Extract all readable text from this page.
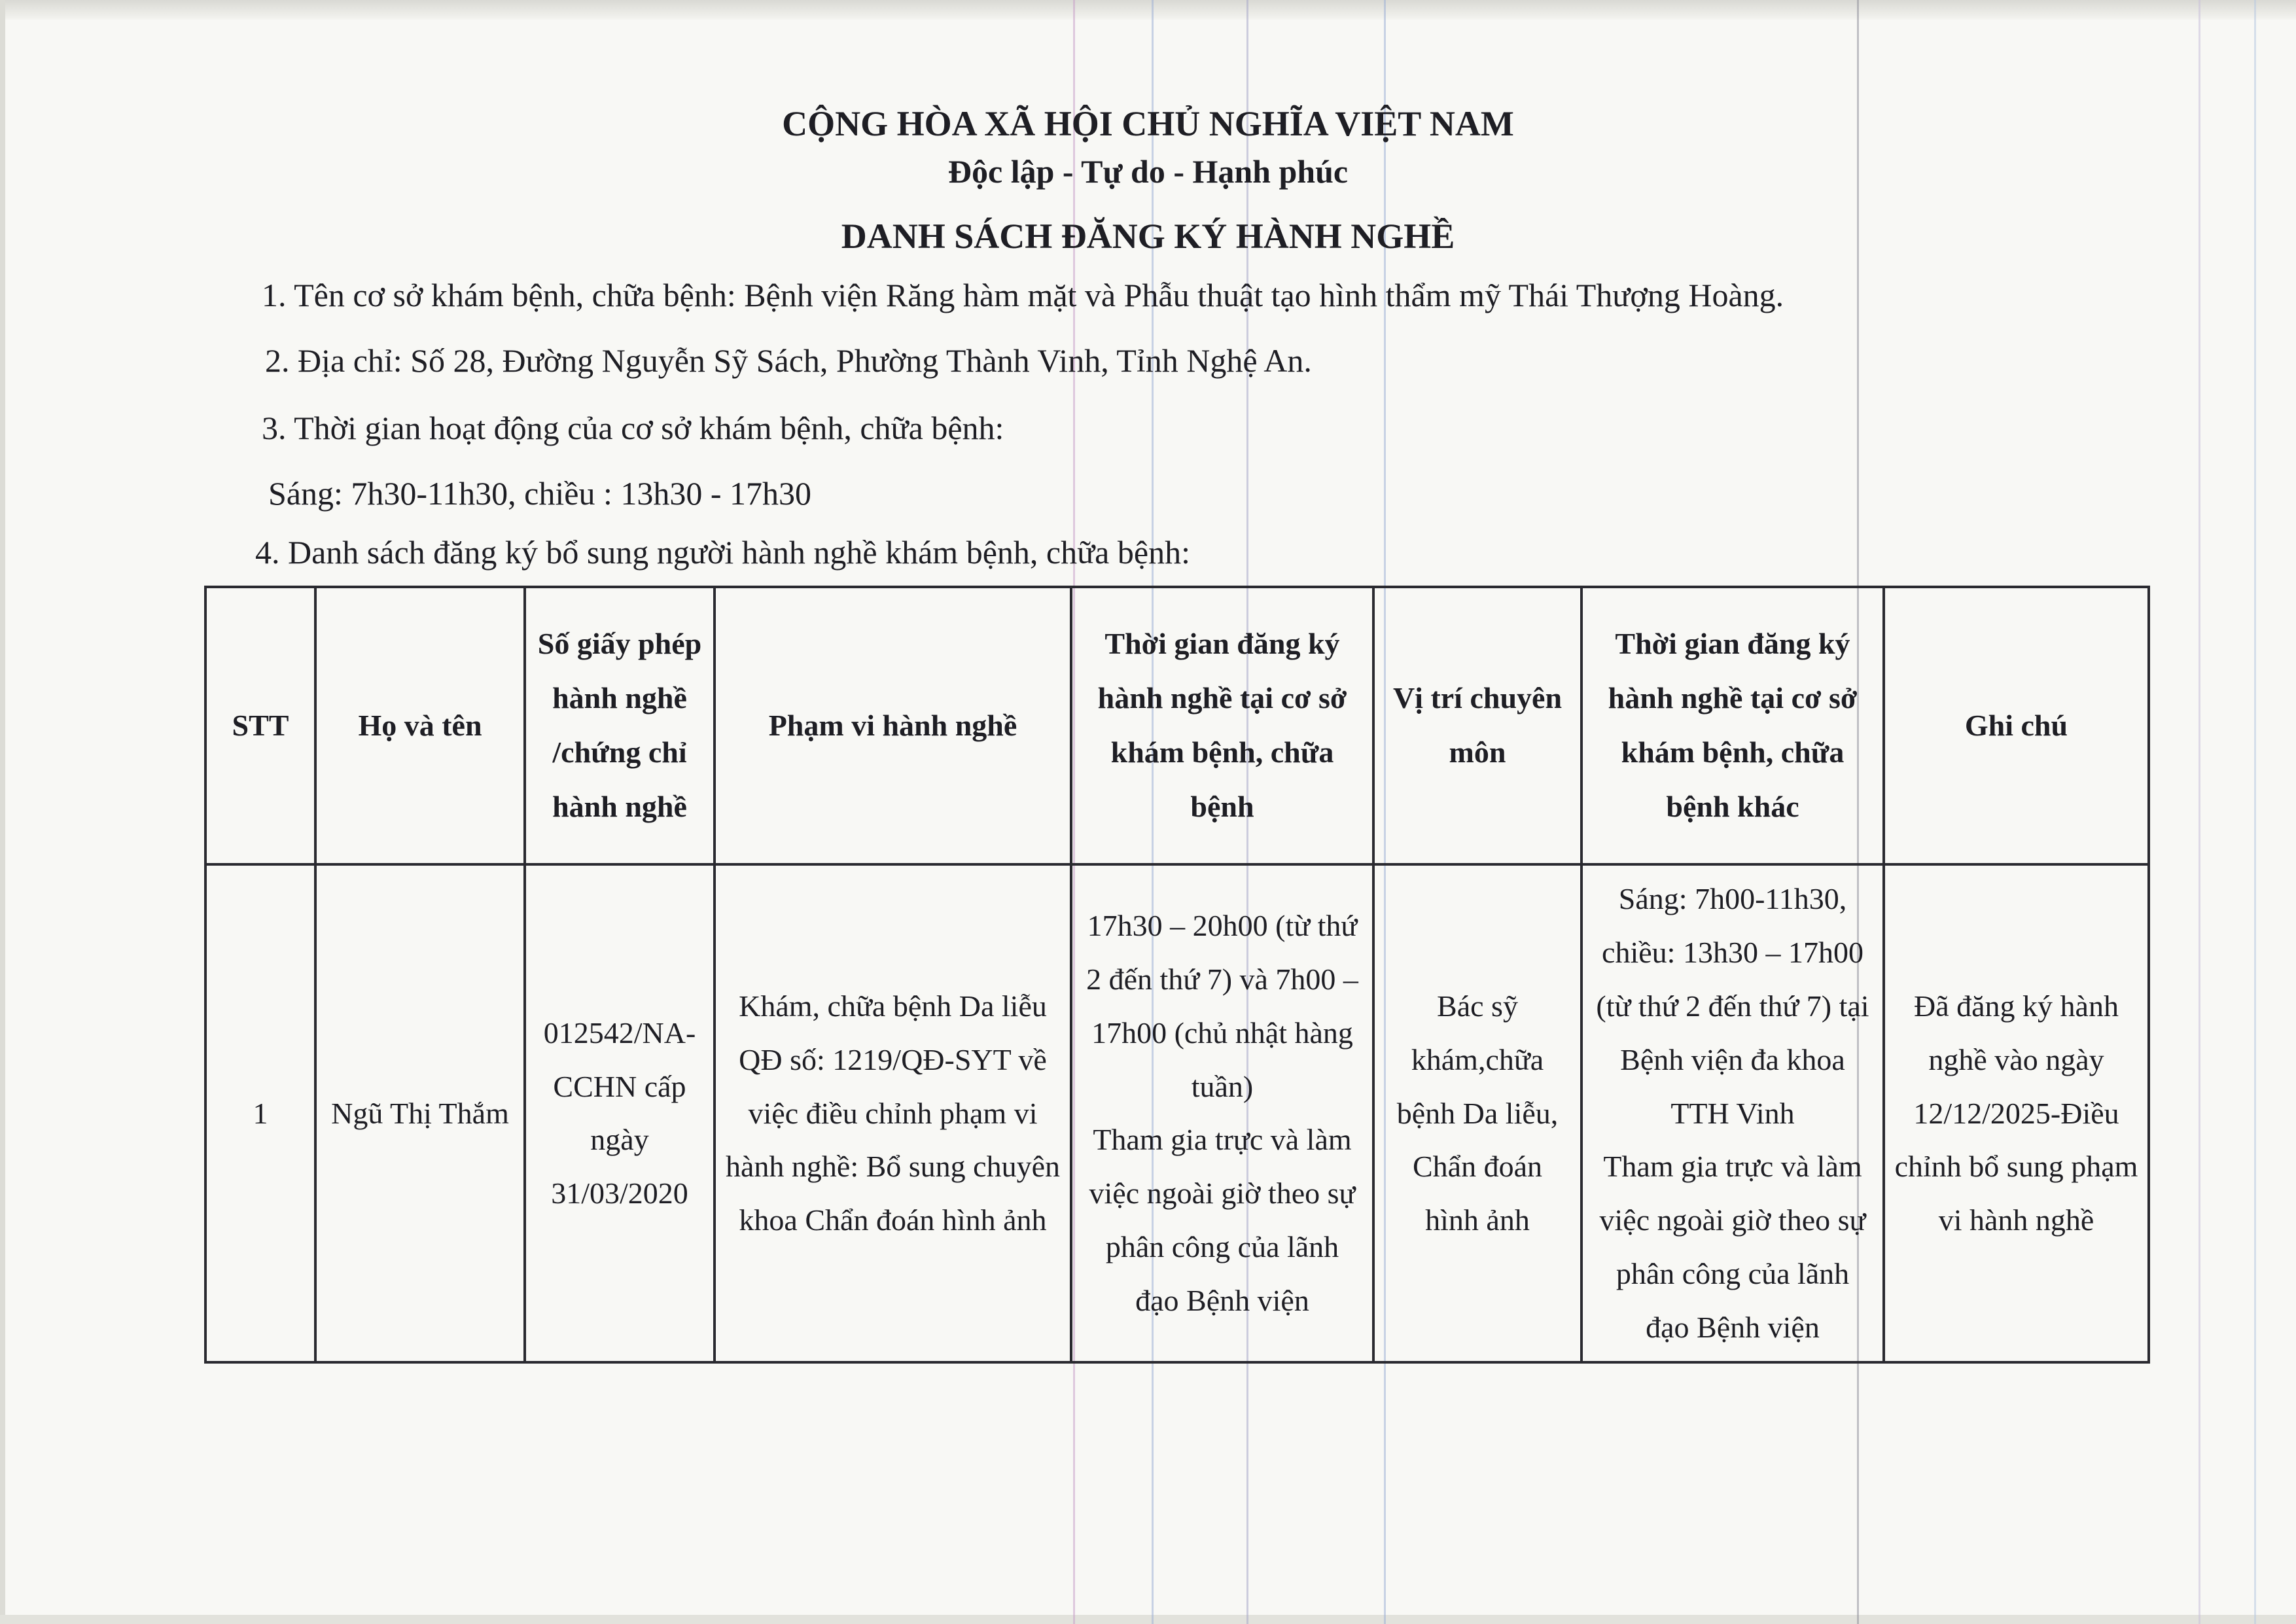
CỘNG HÒA XÃ HỘI CHỦ NGHĨA VIỆT NAM
Độc lập - Tự do - Hạnh phúc
DANH SÁCH ĐĂNG KÝ HÀNH NGHỀ
1. Tên cơ sở khám bệnh, chữa bệnh: Bệnh viện Răng hàm mặt và Phẫu thuật tạo hình thẩm mỹ Thái Thượng Hoàng.
2. Địa chỉ: Số 28, Đường Nguyễn Sỹ Sách, Phường Thành Vinh, Tỉnh Nghệ An.
3. Thời gian hoạt động của cơ sở khám bệnh, chữa bệnh:
Sáng: 7h30-11h30, chiều : 13h30 - 17h30
4. Danh sách đăng ký bổ sung người hành nghề khám bệnh, chữa bệnh:
STT	Họ và tên	Số giấy phép hành nghề /chứng chỉ hành nghề	Phạm vi hành nghề	Thời gian đăng ký hành nghề tại cơ sở khám bệnh, chữa bệnh	Vị trí chuyên môn	Thời gian đăng ký hành nghề tại cơ sở khám bệnh, chữa bệnh khác	Ghi chú
1	Ngũ Thị Thắm	012542/NA-CCHN cấp ngày 31/03/2020	Khám, chữa bệnh Da liễu QĐ số: 1219/QĐ-SYT về việc điều chỉnh phạm vi hành nghề: Bổ sung chuyên khoa Chẩn đoán hình ảnh	17h30 – 20h00 (từ thứ 2 đến thứ 7) và 7h00 – 17h00 (chủ nhật hàng tuần)
Tham gia trực và làm việc ngoài giờ theo sự phân công của lãnh đạo Bệnh viện	Bác sỹ khám,chữa bệnh Da liễu, Chẩn đoán hình ảnh	Sáng: 7h00-11h30, chiều: 13h30 – 17h00 (từ thứ 2 đến thứ 7) tại Bệnh viện đa khoa TTH Vinh
Tham gia trực và làm việc ngoài giờ theo sự phân công của lãnh đạo Bệnh viện	Đã đăng ký hành nghề vào ngày 12/12/2025-Điều chỉnh bổ sung phạm vi hành nghề
